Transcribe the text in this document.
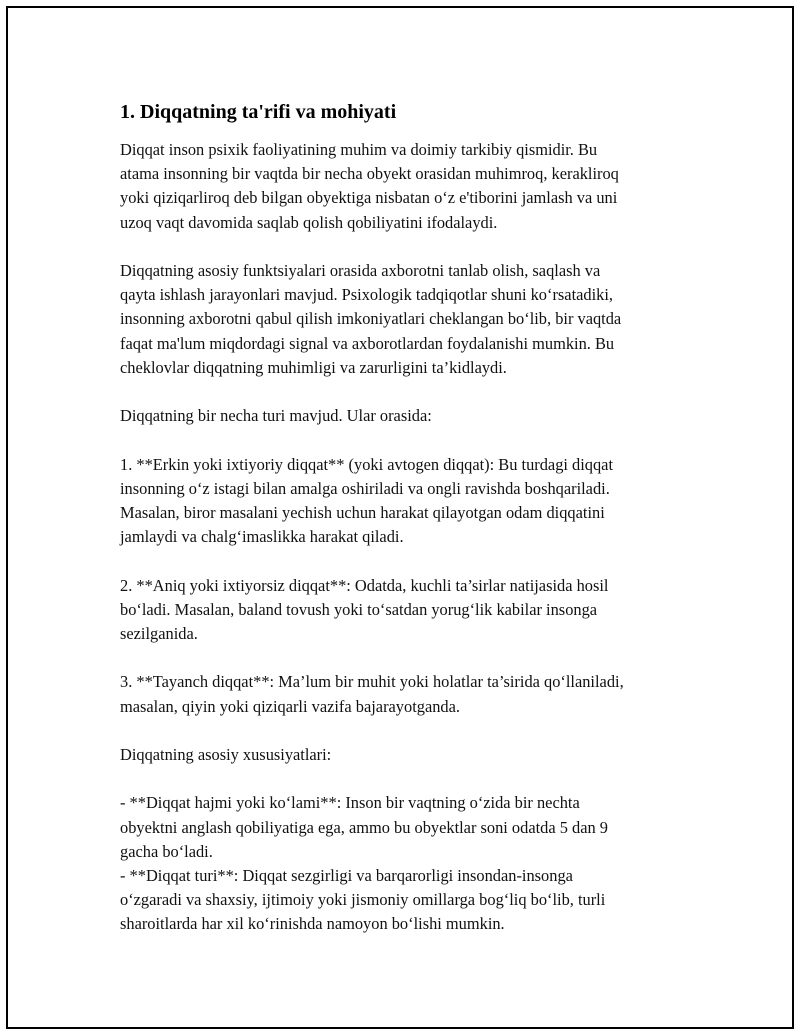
1. Diqqatning ta'rifi va mohiyati
Diqqat inson psixik faoliyatining muhim va doimiy tarkibiy qismidir. Bu
atama insonning bir vaqtda bir necha obyekt orasidan muhimroq, keraklіroq
yoki qiziqarliroq deb bilgan obyektiga nisbatan o‘z e'tiborini jamlash va uni
uzoq vaqt davomida saqlab qolish qobiliyatini ifodalaydi.
Diqqatning asosiy funktsiyalari orasida axborotni tanlab olish, saqlash va
qayta ishlash jarayonlari mavjud. Psixologik tadqiqotlar shuni ko‘rsatadiki,
insonning axborotni qabul qilish imkoniyatlari cheklangan bo‘lib, bir vaqtda
faqat ma'lum miqdordagi signal va axborotlardan foydalanishi mumkin. Bu
cheklovlar diqqatning muhimligi va zarurligini ta’kidlaydi.
Diqqatning bir necha turi mavjud. Ular orasida:
1. **Erkin yoki ixtiyoriy diqqat** (yoki avtogen diqqat): Bu turdagi diqqat
insonning o‘z istagi bilan amalga oshiriladi va ongli ravishda boshqariladi.
Masalan, biror masalani yechish uchun harakat qilayotgan odam diqqatini
jamlaydi va chalg‘imaslikka harakat qiladi.
2. **Aniq yoki ixtiyorsiz diqqat**: Odatda, kuchli ta’sirlar natijasida hosil
bo‘ladi. Masalan, baland tovush yoki to‘satdan yorug‘lik kabilar insonga
sezilganida.
3. **Tayanch diqqat**: Ma’lum bir muhit yoki holatlar ta’sirida qo‘llaniladi,
masalan, qiyin yoki qiziqarli vazifa bajarayotganda.
Diqqatning asosiy xususiyatlari:
- **Diqqat hajmi yoki ko‘lami**: Inson bir vaqtning o‘zida bir nechta
obyektni anglash qobiliyatiga ega, ammo bu obyektlar soni odatda 5 dan 9
gacha bo‘ladi.
- **Diqqat turi**: Diqqat sezgirligi va barqarorligi insondan-insonga
o‘zgaradi va shaxsiy, ijtimoiy yoki jismoniy omillarga bog‘liq bo‘lib, turli
sharoitlarda har xil ko‘rinishda namoyon bo‘lishi mumkin.
